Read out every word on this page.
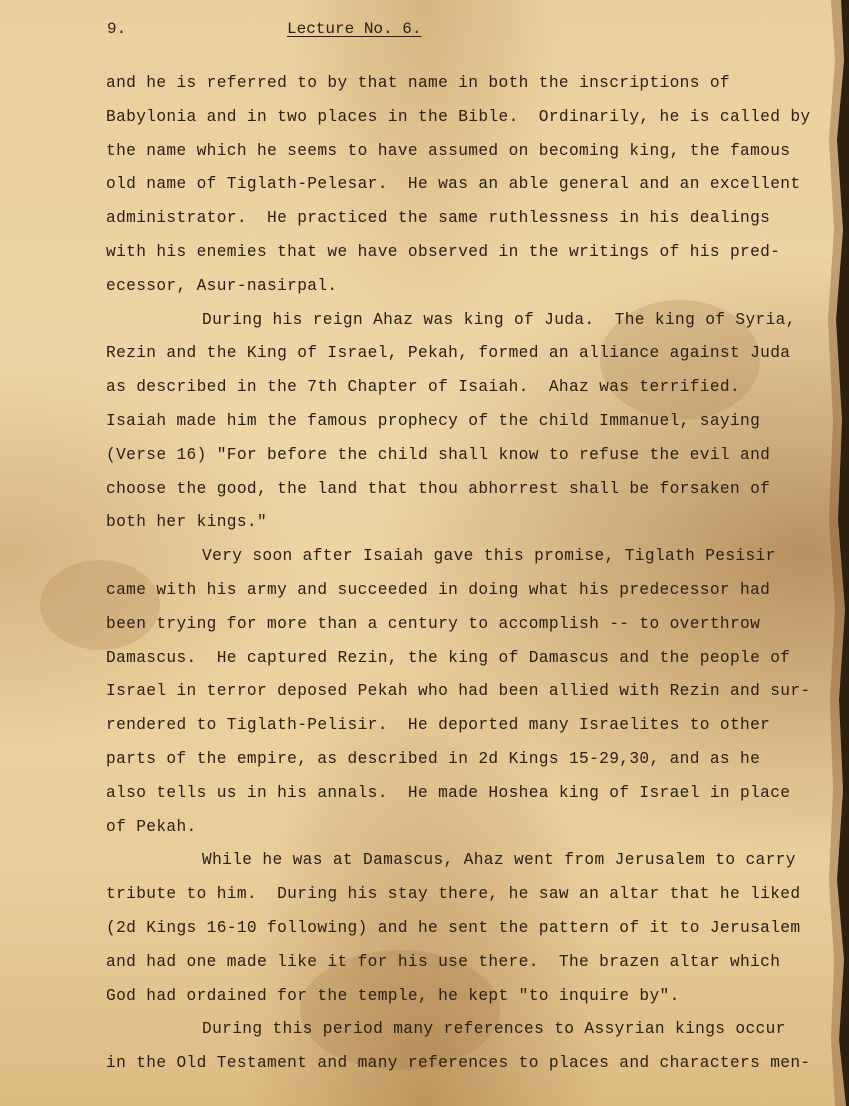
9.	Lecture No. 6.
and he is referred to by that name in both the inscriptions of
Babylonia and in two places in the Bible.  Ordinarily, he is called by
the name which he seems to have assumed on becoming king, the famous
old name of Tiglath-Pelesar.  He was an able general and an excellent
administrator.  He practiced the same ruthlessness in his dealings
with his enemies that we have observed in the writings of his pred-
ecessor, Asur-nasirpal.
During his reign Ahaz was king of Juda.  The king of Syria,
Rezin and the King of Israel, Pekah, formed an alliance against Juda
as described in the 7th Chapter of Isaiah.  Ahaz was terrified.
Isaiah made him the famous prophecy of the child Immanuel, saying
(Verse 16) "For before the child shall know to refuse the evil and
choose the good, the land that thou abhorrest shall be forsaken of
both her kings."
Very soon after Isaiah gave this promise, Tiglath Pesisir
came with his army and succeeded in doing what his predecessor had
been trying for more than a century to accomplish -- to overthrow
Damascus.  He captured Rezin, the king of Damascus and the people of
Israel in terror deposed Pekah who had been allied with Rezin and sur-
rendered to Tiglath-Pelisir.  He deported many Israelites to other
parts of the empire, as described in 2d Kings 15-29,30, and as he
also tells us in his annals.  He made Hoshea king of Israel in place
of Pekah.
While he was at Damascus, Ahaz went from Jerusalem to carry
tribute to him.  During his stay there, he saw an altar that he liked
(2d Kings 16-10 following) and he sent the pattern of it to Jerusalem
and had one made like it for his use there.  The brazen altar which
God had ordained for the temple, he kept "to inquire by".
During this period many references to Assyrian kings occur
in the Old Testament and many references to places and characters men-
